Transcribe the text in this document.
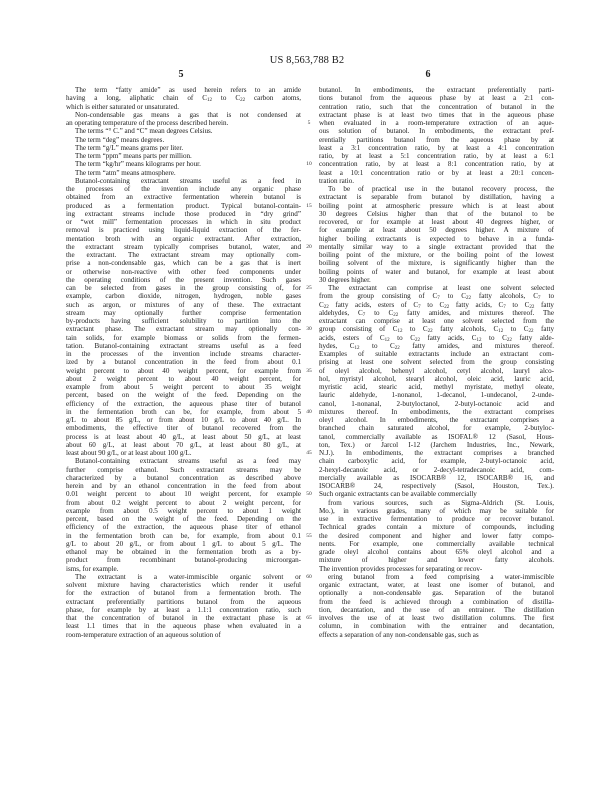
US 8,563,788 B2
5	6
The term “fatty amide” as used herein refers to an amide
having a long, aliphatic chain of $C_{12}$ to $C_{22}$ carbon atoms,
which is either saturated or unsaturated.
Non-condensable gas means a gas that is not condensed at
an operating temperature of the process described herein.
The terms “° C.” and “C” mean degrees Celsius.
The term “deg” means degrees.
The term “g/L” means grams per liter.
The term “ppm” means parts per million.
The term “kg/hr” means kilograms per hour.
The term “atm” means atmosphere.
Butanol-containing extractant streams useful as a feed in
the processes of the invention include any organic phase
obtained from an extractive fermentation wherein butanol is
produced as a fermentation product. Typical butanol-contain-
ing extractant streams include those produced in “dry grind”
or “wet mill” fermentation processes in which in situ product
removal is practiced using liquid-liquid extraction of the fer-
mentation broth with an organic extractant. After extraction,
the extractant stream typically comprises butanol, water, and
the extractant. The extractant stream may optionally com-
prise a non-condensable gas, which can be a gas that is inert
or otherwise non-reactive with other feed components under
the operating conditions of the present invention. Such gases
can be selected from gases in the group consisting of, for
example, carbon dioxide, nitrogen, hydrogen, noble gases
such as argon, or mixtures of any of these. The extractant
stream may optionally further comprise fermentation
by-products having sufficient solubility to partition into the
extractant phase. The extractant stream may optionally con-
tain solids, for example biomass or solids from the fermen-
tation. Butanol-containing extractant streams useful as a feed
in the processes of the invention include streams character-
ized by a butanol concentration in the feed from about 0.1
weight percent to about 40 weight percent, for example from
about 2 weight percent to about 40 weight percent, for
example from about 5 weight percent to about 35 weight
percent, based on the weight of the feed. Depending on the
efficiency of the extraction, the aqueous phase titer of butanol
in the fermentation broth can be, for example, from about 5
g/L to about 85 g/L, or from about 10 g/L to about 40 g/L. In
embodiments, the effective titer of butanol recovered from the
process is at least about 40 g/L, at least about 50 g/L, at least
about 60 g/L, at least about 70 g/L, at least about 80 g/L, at
least about 90 g/L, or at least about 100 g/L.
Butanol-containing extractant streams useful as a feed may
further comprise ethanol. Such extractant streams may be
characterized by a butanol concentration as described above
herein and by an ethanol concentration in the feed from about
0.01 weight percent to about 10 weight percent, for example
from about 0.2 weight percent to about 2 weight percent, for
example from about 0.5 weight percent to about 1 weight
percent, based on the weight of the feed. Depending on the
efficiency of the extraction, the aqueous phase titer of ethanol
in the fermentation broth can be, for example, from about 0.1
g/L to about 20 g/L, or from about 1 g/L to about 5 g/L. The
ethanol may be obtained in the fermentation broth as a by-
product from recombinant butanol-producing microorgan-
isms, for example.
The extractant is a water-immiscible organic solvent or
solvent mixture having characteristics which render it useful
for the extraction of butanol from a fermentation broth. The
extractant preferentially partitions butanol from the aqueous
phase, for example by at least a 1.1:1 concentration ratio, such
that the concentration of butanol in the extractant phase is at
least 1.1 times that in the aqueous phase when evaluated in a
room-temperature extraction of an aqueous solution of
5
10
15
20
25
30
35
40
45
50
55
60
65
butanol. In embodiments, the extractant preferentially parti-
tions butanol from the aqueous phase by at least a 2:1 con-
centration ratio, such that the concentration of butanol in the
extractant phase is at least two times that in the aqueous phase
when evaluated in a room-temperature extraction of an aque-
ous solution of butanol. In embodiments, the extractant pref-
erentially partitions butanol from the aqueous phase by at
least a 3:1 concentration ratio, by at least a 4:1 concentration
ratio, by at least a 5:1 concentration ratio, by at least a 6:1
concentration ratio, by at least a 8:1 concentration ratio, by at
least a 10:1 concentration ratio or by at least a 20:1 concen-
tration ratio.
To be of practical use in the butanol recovery process, the
extractant is separable from butanol by distillation, having a
boiling point at atmospheric pressure which is at least about
30 degrees Celsius higher than that of the butanol to be
recovered, or for example at least about 40 degrees higher, or
for example at least about 50 degrees higher. A mixture of
higher boiling extractants is expected to behave in a funda-
mentally similar way to a single extractant provided that the
boiling point of the mixture, or the boiling point of the lowest
boiling solvent of the mixture, is significantly higher than the
boiling points of water and butanol, for example at least about
30 degrees higher.
The extractant can comprise at least one solvent selected
from the group consisting of $C_7$ to $C_{22}$ fatty alcohols, $C_7$ to
$C_{22}$ fatty acids, esters of $C_7$ to $C_{22}$ fatty acids, $C_7$ to $C_{22}$ fatty
aldehydes, $C_7$ to $C_{22}$ fatty amides, and mixtures thereof. The
extractant can comprise at least one solvent selected from the
group consisting of $C_{12}$ to $C_{22}$ fatty alcohols, $C_{12}$ to $C_{22}$ fatty
acids, esters of $C_{12}$ to $C_{22}$ fatty acids, $C_{12}$ to $C_{22}$ fatty alde-
hydes, $C_{12}$ to $C_{22}$ fatty amides, and mixtures thereof.
Examples of suitable extractants include an extractant com-
prising at least one solvent selected from the group consisting
of oleyl alcohol, behenyl alcohol, cetyl alcohol, lauryl alco-
hol, myristyl alcohol, stearyl alcohol, oleic acid, lauric acid,
myristic acid, stearic acid, methyl myristate, methyl oleate,
lauric aldehyde, 1-nonanol, 1-decanol, 1-undecanol, 2-unde-
canol, 1-nonanal, 2-butyloctanol, 2-butyl-octanoic acid and
mixtures thereof. In embodiments, the extractant comprises
oleyl alcohol. In embodiments, the extractant comprises a
branched chain saturated alcohol, for example, 2-butyloc-
tanol, commercially available as ISOFAL® 12 (Sasol, Hous-
ton, Tex.) or Jarcol I-12 (Jarchem Industries, Inc., Newark,
N.J.). In embodiments, the extractant comprises a branched
chain carboxylic acid, for example, 2-butyl-octanoic acid,
2-hexyl-decanoic acid, or 2-decyl-tetradecanoic acid, com-
mercially available as ISOCARB® 12, ISOCARB® 16, and
ISOCARB® 24, respectively (Sasol, Houston, Tex.).
Such organic extractants can be available commercially
from various sources, such as Sigma-Aldrich (St. Louis,
Mo.), in various grades, many of which may be suitable for
use in extractive fermentation to produce or recover butanol.
Technical grades contain a mixture of compounds, including
the desired component and higher and lower fatty compo-
nents. For example, one commercially available technical
grade oleyl alcohol contains about 65% oleyl alcohol and a
mixture of higher and lower fatty alcohols.
The invention provides processes for separating or recov-
ering butanol from a feed comprising a water-immiscible
organic extractant, water, at least one isomer of butanol, and
optionally a non-condensable gas. Separation of the butanol
from the feed is achieved through a combination of distilla-
tion, decantation, and the use of an entrainer. The distillation
involves the use of at least two distillation columns. The first
column, in combination with the entrainer and decantation,
effects a separation of any non-condensable gas, such as
